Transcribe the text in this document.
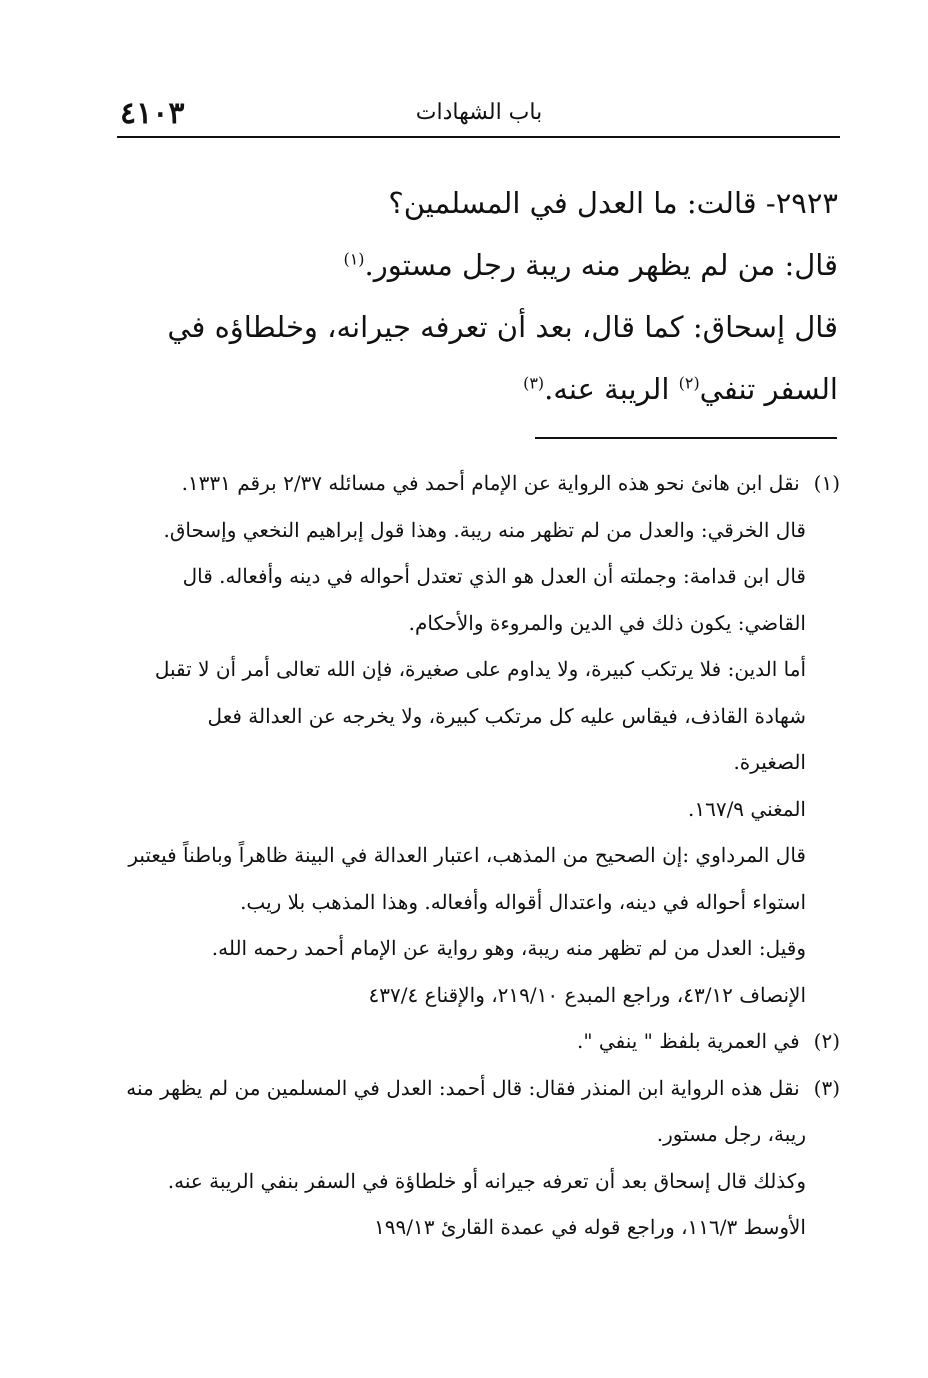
باب الشهادات
٤١٠٣

٢٩٢٣- قالت: ما العدل في المسلمين؟

قال: من لم يظهر منه ريبة رجل مستور.$^{(١)}$

قال إسحاق: كما قال، بعد أن تعرفه جيرانه، وخلطاؤه في

السفر تنفي$^{(٢)}$ الريبة عنه.$^{(٣)}$

(١) نقل ابن هانئ نحو هذه الرواية عن الإمام أحمد في مسائله ٢/٣٧ برقم ١٣٣١.

قال الخرقي: والعدل من لم تظهر منه ريبة. وهذا قول إبراهيم النخعي وإسحاق.

قال ابن قدامة: وجملته أن العدل هو الذي تعتدل أحواله في دينه وأفعاله. قال

القاضي: يكون ذلك في الدين والمروءة والأحكام.

أما الدين: فلا يرتكب كبيرة، ولا يداوم على صغيرة، فإن الله تعالى أمر أن لا تقبل

شهادة القاذف، فيقاس عليه كل مرتكب كبيرة، ولا يخرجه عن العدالة فعل

الصغيرة.

المغني ١٦٧/٩.

قال المرداوي :إن الصحيح من المذهب، اعتبار العدالة في البينة ظاهراً وباطناً فيعتبر

استواء أحواله في دينه، واعتدال أقواله وأفعاله. وهذا المذهب بلا ريب.

وقيل: العدل من لم تظهر منه ريبة، وهو رواية عن الإمام أحمد رحمه الله.

الإنصاف ٤٣/١٢، وراجع المبدع ٢١٩/١٠، والإقناع ٤٣٧/٤

(٢) في العمرية بلفظ " ينفي ".

(٣) نقل هذه الرواية ابن المنذر فقال: قال أحمد: العدل في المسلمين من لم يظهر منه

ريبة، رجل مستور.

وكذلك قال إسحاق بعد أن تعرفه جيرانه أو خلطاؤة في السفر بنفي الريبة عنه.

الأوسط ١١٦/٣، وراجع قوله في عمدة القارئ ١٩٩/١٣
